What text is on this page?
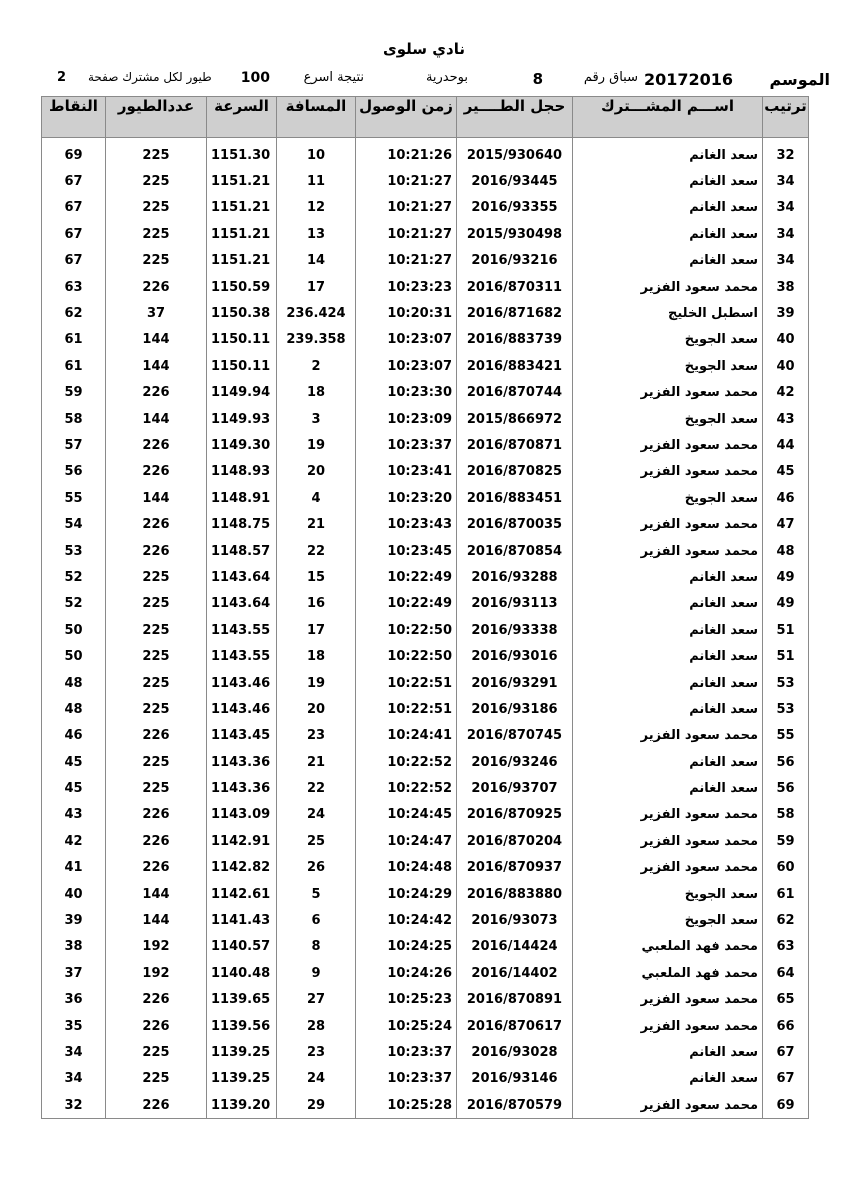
نادي سلوى
الموسم
20172016
سباق رقم
8
بوحدرية
نتيجة اسرع
100
طيور لكل مشترك صفحة
2
النقاط	عددالطيور	السرعة	المسافة	زمن الوصول	حجل الطــــير	اســـم المشـــترك	ترتيب

69	225	1151.30	10	10:21:26	2015/930640	سعد الغانم	32
67	225	1151.21	11	10:21:27	2016/93445	سعد الغانم	34
67	225	1151.21	12	10:21:27	2016/93355	سعد الغانم	34
67	225	1151.21	13	10:21:27	2015/930498	سعد الغانم	34
67	225	1151.21	14	10:21:27	2016/93216	سعد الغانم	34
63	226	1150.59	17	10:23:23	2016/870311	محمد سعود الفزير	38
62	37	1150.38	236.424	10:20:31	2016/871682	اسطبل الخليج	39
61	144	1150.11	239.358	10:23:07	2016/883739	سعد الجويخ	40
61	144	1150.11	2	10:23:07	2016/883421	سعد الجويخ	40
59	226	1149.94	18	10:23:30	2016/870744	محمد سعود الفزير	42
58	144	1149.93	3	10:23:09	2015/866972	سعد الجويخ	43
57	226	1149.30	19	10:23:37	2016/870871	محمد سعود الفزير	44
56	226	1148.93	20	10:23:41	2016/870825	محمد سعود الفزير	45
55	144	1148.91	4	10:23:20	2016/883451	سعد الجويخ	46
54	226	1148.75	21	10:23:43	2016/870035	محمد سعود الفزير	47
53	226	1148.57	22	10:23:45	2016/870854	محمد سعود الفزير	48
52	225	1143.64	15	10:22:49	2016/93288	سعد الغانم	49
52	225	1143.64	16	10:22:49	2016/93113	سعد الغانم	49
50	225	1143.55	17	10:22:50	2016/93338	سعد الغانم	51
50	225	1143.55	18	10:22:50	2016/93016	سعد الغانم	51
48	225	1143.46	19	10:22:51	2016/93291	سعد الغانم	53
48	225	1143.46	20	10:22:51	2016/93186	سعد الغانم	53
46	226	1143.45	23	10:24:41	2016/870745	محمد سعود الفزير	55
45	225	1143.36	21	10:22:52	2016/93246	سعد الغانم	56
45	225	1143.36	22	10:22:52	2016/93707	سعد الغانم	56
43	226	1143.09	24	10:24:45	2016/870925	محمد سعود الفزير	58
42	226	1142.91	25	10:24:47	2016/870204	محمد سعود الفزير	59
41	226	1142.82	26	10:24:48	2016/870937	محمد سعود الفزير	60
40	144	1142.61	5	10:24:29	2016/883880	سعد الجويخ	61
39	144	1141.43	6	10:24:42	2016/93073	سعد الجويخ	62
38	192	1140.57	8	10:24:25	2016/14424	محمد فهد الملعبي	63
37	192	1140.48	9	10:24:26	2016/14402	محمد فهد الملعبي	64
36	226	1139.65	27	10:25:23	2016/870891	محمد سعود الفزير	65
35	226	1139.56	28	10:25:24	2016/870617	محمد سعود الفزير	66
34	225	1139.25	23	10:23:37	2016/93028	سعد الغانم	67
34	225	1139.25	24	10:23:37	2016/93146	سعد الغانم	67
32	226	1139.20	29	10:25:28	2016/870579	محمد سعود الفزير	69
